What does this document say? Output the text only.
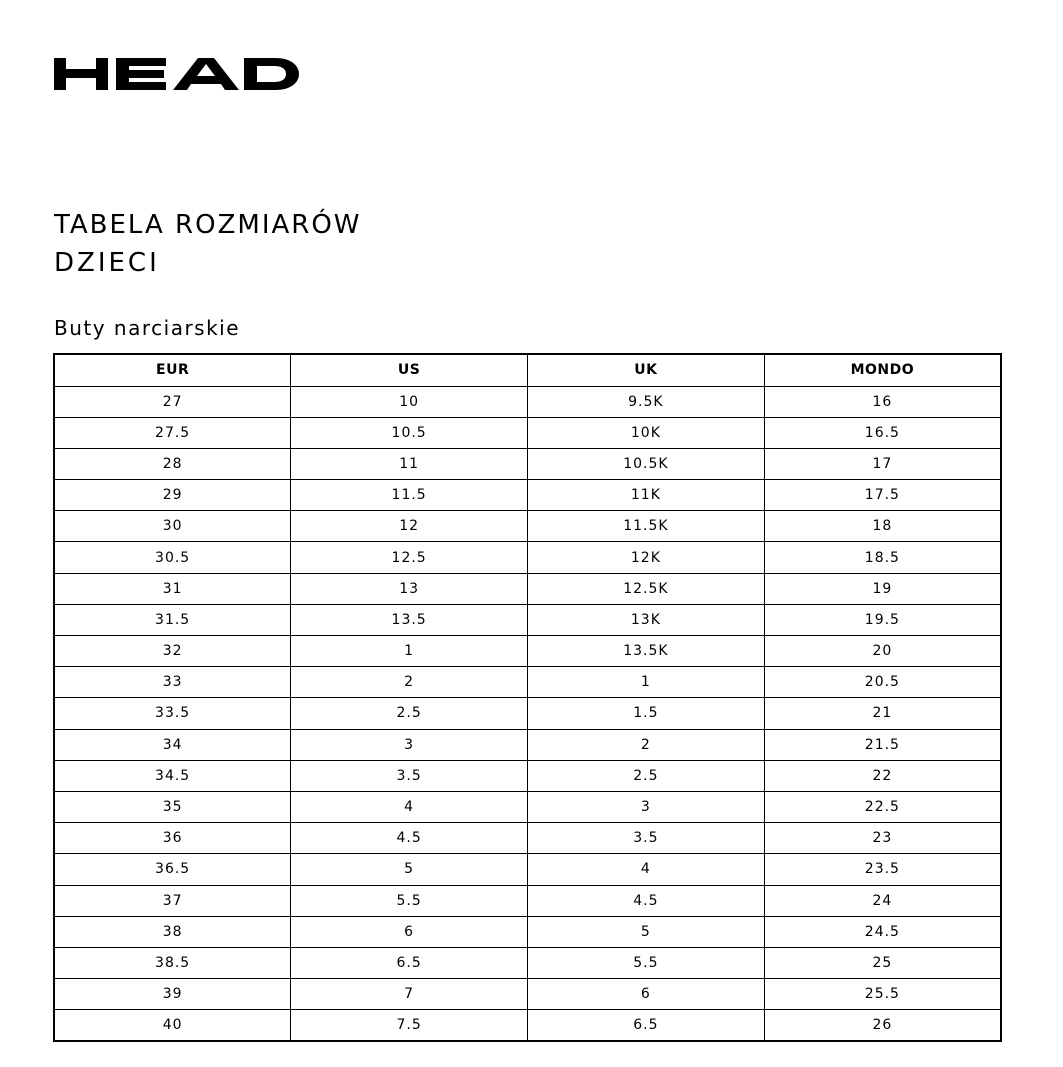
TABELA ROZMIARÓW
DZIECI
Buty narciarskie
EUR	US	UK	MONDO
27	10	9.5K	16
27.5	10.5	10K	16.5
28	11	10.5K	17
29	11.5	11K	17.5
30	12	11.5K	18
30.5	12.5	12K	18.5
31	13	12.5K	19
31.5	13.5	13K	19.5
32	1	13.5K	20
33	2	1	20.5
33.5	2.5	1.5	21
34	3	2	21.5
34.5	3.5	2.5	22
35	4	3	22.5
36	4.5	3.5	23
36.5	5	4	23.5
37	5.5	4.5	24
38	6	5	24.5
38.5	6.5	5.5	25
39	7	6	25.5
40	7.5	6.5	26
